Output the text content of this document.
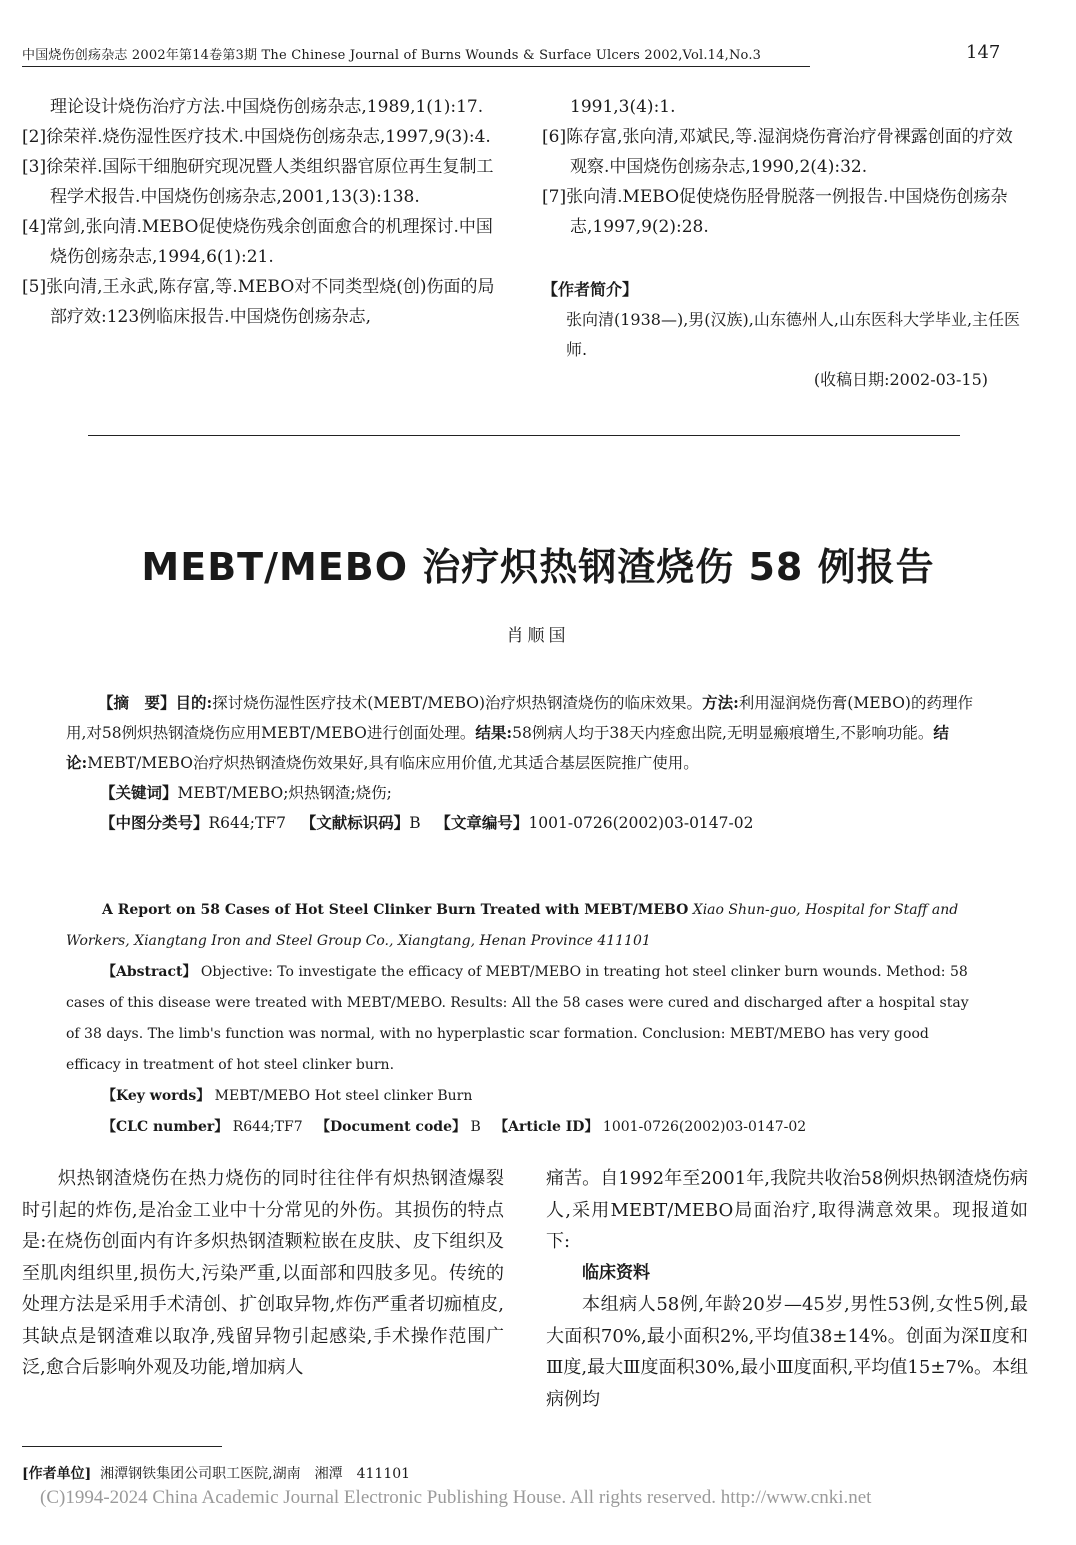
中国烧伤创疡杂志 2002年第14卷第3期 The Chinese Journal of Burns Wounds & Surface Ulcers 2002,Vol.14,No.3	147

理论设计烧伤治疗方法.中国烧伤创疡杂志,1989,1(1):17.

[2]徐荣祥.烧伤湿性医疗技术.中国烧伤创疡杂志,1997,9(3):4.

[3]徐荣祥.国际干细胞研究现况暨人类组织器官原位再生复制工程学术报告.中国烧伤创疡杂志,2001,13(3):138.

[4]常剑,张向清.MEBO促使烧伤残余创面愈合的机理探讨.中国烧伤创疡杂志,1994,6(1):21.

[5]张向清,王永武,陈存富,等.MEBO对不同类型烧(创)伤面的局部疗效:123例临床报告.中国烧伤创疡杂志,

1991,3(4):1.

[6]陈存富,张向清,邓斌民,等.湿润烧伤膏治疗骨裸露创面的疗效观察.中国烧伤创疡杂志,1990,2(4):32.

[7]张向清.MEBO促使烧伤胫骨脱落一例报告.中国烧伤创疡杂志,1997,9(2):28.

【作者简介】
张向清(1938—),男(汉族),山东德州人,山东医科大学毕业,主任医师.
(收稿日期:2002-03-15)
MEBT/MEBO 治疗炽热钢渣烧伤 58 例报告
肖顺国

【摘　要】目的:探讨烧伤湿性医疗技术(MEBT/MEBO)治疗炽热钢渣烧伤的临床效果。方法:利用湿润烧伤膏(MEBO)的药理作用,对58例炽热钢渣烧伤应用MEBT/MEBO进行创面处理。结果:58例病人均于38天内痊愈出院,无明显瘢痕增生,不影响功能。结论:MEBT/MEBO治疗炽热钢渣烧伤效果好,具有临床应用价值,尤其适合基层医院推广使用。

【关键词】MEBT/MEBO;炽热钢渣;烧伤;

【中图分类号】R644;TF7 【文献标识码】B 【文章编号】1001-0726(2002)03-0147-02

A Report on 58 Cases of Hot Steel Clinker Burn Treated with MEBT/MEBO Xiao Shun-guo, Hospital for Staff and Workers, Xiangtang Iron and Steel Group Co., Xiangtang, Henan Province 411101

【Abstract】 Objective: To investigate the efficacy of MEBT/MEBO in treating hot steel clinker burn wounds. Method: 58 cases of this disease were treated with MEBT/MEBO. Results: All the 58 cases were cured and discharged after a hospital stay of 38 days. The limb's function was normal, with no hyperplastic scar formation. Conclusion: MEBT/MEBO has very good efficacy in treatment of hot steel clinker burn.

【Key words】 MEBT/MEBO Hot steel clinker Burn

【CLC number】 R644;TF7 【Document code】 B 【Article ID】 1001-0726(2002)03-0147-02

炽热钢渣烧伤在热力烧伤的同时往往伴有炽热钢渣爆裂时引起的炸伤,是冶金工业中十分常见的外伤。其损伤的特点是:在烧伤创面内有许多炽热钢渣颗粒嵌在皮肤、皮下组织及至肌肉组织里,损伤大,污染严重,以面部和四肢多见。传统的处理方法是采用手术清创、扩创取异物,炸伤严重者切痂植皮,其缺点是钢渣难以取净,残留异物引起感染,手术操作范围广泛,愈合后影响外观及功能,增加病人

痛苦。自1992年至2001年,我院共收治58例炽热钢渣烧伤病人,采用MEBT/MEBO局面治疗,取得满意效果。现报道如下:

临床资料

本组病人58例,年龄20岁—45岁,男性53例,女性5例,最大面积70%,最小面积2%,平均值38±14%。创面为深Ⅱ度和Ⅲ度,最大Ⅲ度面积30%,最小Ⅲ度面积,平均值15±7%。本组病例均

[作者单位] 湘潭钢铁集团公司职工医院,湖南　湘潭　411101
(C)1994-2024 China Academic Journal Electronic Publishing House. All rights reserved. http://www.cnki.net
